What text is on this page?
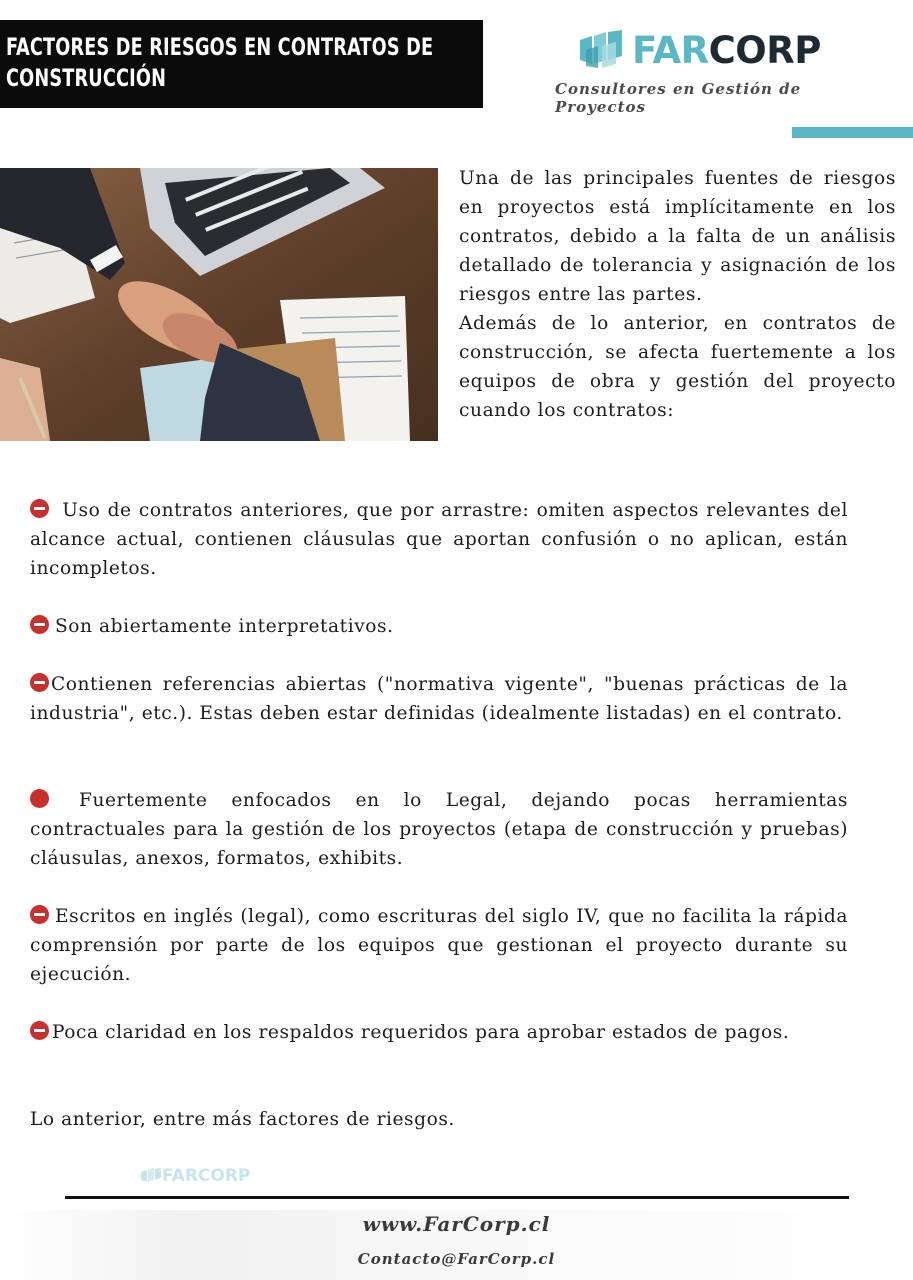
FACTORES DE RIESGOS EN CONTRATOS DE
CONSTRUCCIÓN
FARCORP
Consultores en Gestión de Proyectos

Una de las principales fuentes de riesgos en proyectos está implícitamente en los contratos, debido a la falta de un análisis detallado de tolerancia y asignación de los riesgos entre las partes.

Además de lo anterior, en contratos de construcción, se afecta fuertemente a los equipos de obra y gestión del proyecto cuando los contratos:

Uso de contratos anteriores, que por arrastre: omiten aspectos relevantes del alcance actual, contienen cláusulas que aportan confusión o no aplican, están incompletos.
Son abiertamente interpretativos.
Contienen referencias abiertas ("normativa vigente", "buenas prácticas de la industria", etc.). Estas deben estar definidas (idealmente listadas) en el contrato.
Fuertemente enfocados en lo Legal, dejando pocas herramientas contractuales para la gestión de los proyectos (etapa de construcción y pruebas) cláusulas, anexos, formatos, exhibits.
Escritos en inglés (legal), como escrituras del siglo IV, que no facilita la rápida comprensión por parte de los equipos que gestionan el proyecto durante su ejecución.
Poca claridad en los respaldos requeridos para aprobar estados de pagos.
Lo anterior, entre más factores de riesgos.
FARCORP
www.FarCorp.cl
Contacto@FarCorp.cl
